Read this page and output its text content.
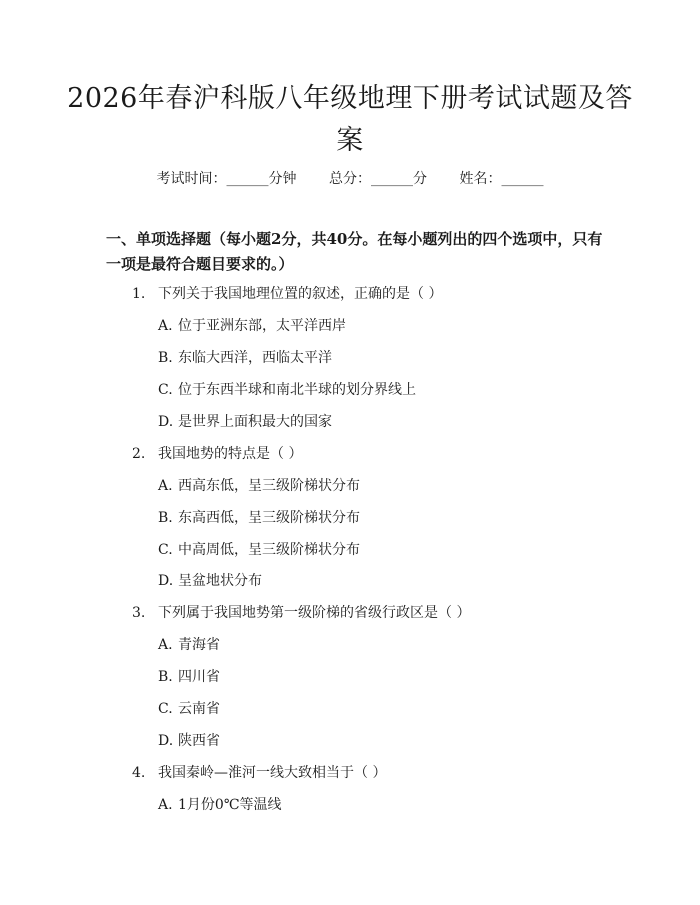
2026年春沪科版八年级地理下册考试试题及答案
考试时间：______分钟 总分：______分 姓名：______
一、单项选择题（每小题2分，共40分。在每小题列出的四个选项中，只有一项是最符合题目要求的。）
1. 下列关于我国地理位置的叙述，正确的是（ ）
A. 位于亚洲东部，太平洋西岸
B. 东临大西洋，西临太平洋
C. 位于东西半球和南北半球的划分界线上
D. 是世界上面积最大的国家
2. 我国地势的特点是（ ）
A. 西高东低，呈三级阶梯状分布
B. 东高西低，呈三级阶梯状分布
C. 中高周低，呈三级阶梯状分布
D. 呈盆地状分布
3. 下列属于我国地势第一级阶梯的省级行政区是（ ）
A. 青海省
B. 四川省
C. 云南省
D. 陕西省
4. 我国秦岭—淮河一线大致相当于（ ）
A. 1月份0℃等温线
